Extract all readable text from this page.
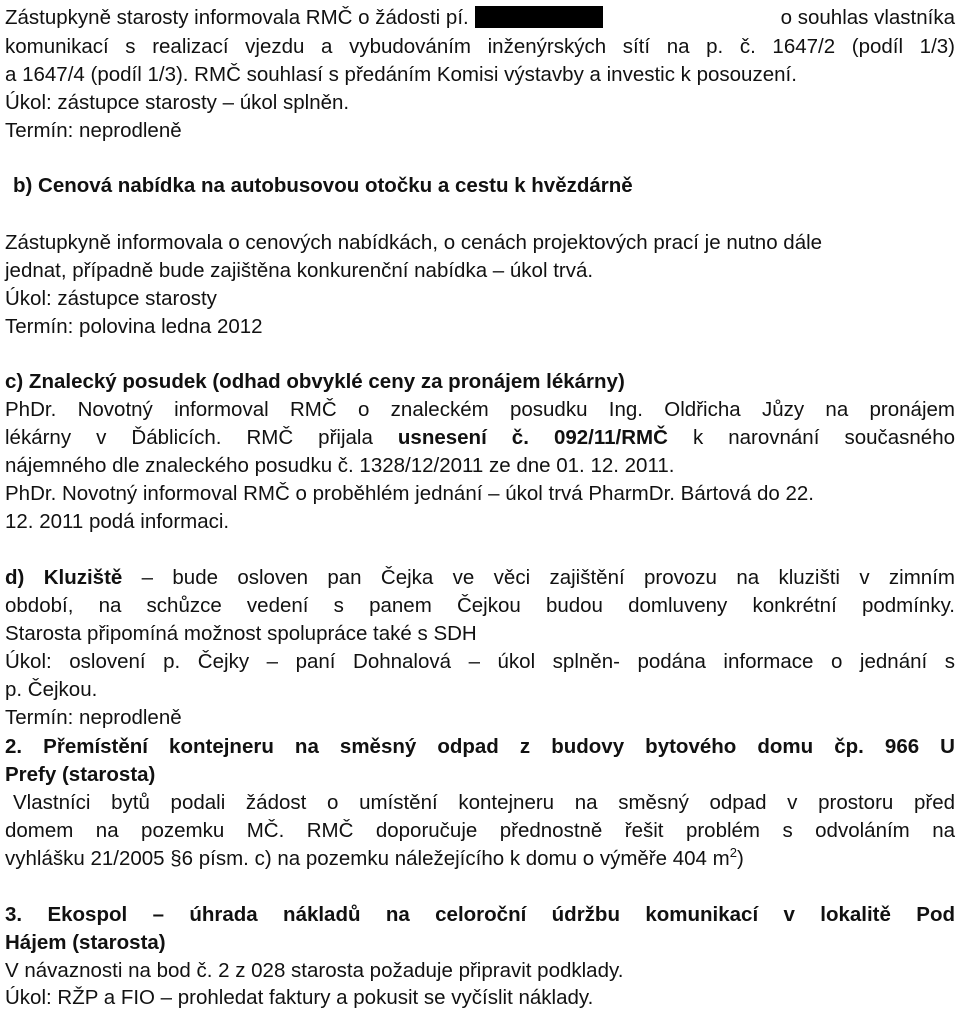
Zástupkyně starosty informovala RMČ o žádosti pí.	o souhlas vlastníka
komunikací s realizací vjezdu a vybudováním inženýrských sítí na p. č. 1647/2 (podíl 1/3)
a 1647/4 (podíl 1/3). RMČ souhlasí s předáním Komisi výstavby a investic k posouzení.
Úkol: zástupce starosty – úkol splněn.
Termín: neprodleně
b) Cenová nabídka na autobusovou otočku a cestu k hvězdárně
Zástupkyně informovala o cenových nabídkách, o cenách projektových prací je nutno dále
jednat, případně bude zajištěna konkurenční nabídka – úkol trvá.
Úkol: zástupce starosty
Termín: polovina ledna 2012
c) Znalecký posudek (odhad obvyklé ceny za pronájem lékárny)
PhDr. Novotný informoval RMČ o znaleckém posudku Ing. Oldřicha Jůzy na pronájem
lékárny v Ďáblicích. RMČ přijala usnesení č. 092/11/RMČ k narovnání současného
nájemného dle znaleckého posudku č. 1328/12/2011 ze dne 01. 12. 2011.
PhDr. Novotný informoval RMČ o proběhlém jednání – úkol trvá PharmDr. Bártová do 22.
12. 2011 podá informaci.
d) Kluziště – bude osloven pan Čejka ve věci zajištění provozu na kluzišti v zimním
období, na schůzce vedení s panem Čejkou budou domluveny konkrétní podmínky.
Starosta připomíná možnost spolupráce také s SDH
Úkol: oslovení p. Čejky – paní Dohnalová – úkol splněn- podána informace o jednání s
p. Čejkou.
Termín: neprodleně
2. Přemístění kontejneru na směsný odpad z budovy bytového domu čp. 966 U
Prefy (starosta)
Vlastníci bytů podali žádost o umístění kontejneru na směsný odpad v prostoru před
domem na pozemku MČ. RMČ doporučuje přednostně řešit problém s odvoláním na
vyhlášku 21/2005 §6 písm. c) na pozemku náležejícího k domu o výměře 404 $m^2$)
3. Ekospol – úhrada nákladů na celoroční údržbu komunikací v lokalitě Pod
Hájem (starosta)
V návaznosti na bod č. 2 z 028 starosta požaduje připravit podklady.
Úkol: RŽP a FIO – prohledat faktury a pokusit se vyčíslit náklady.
